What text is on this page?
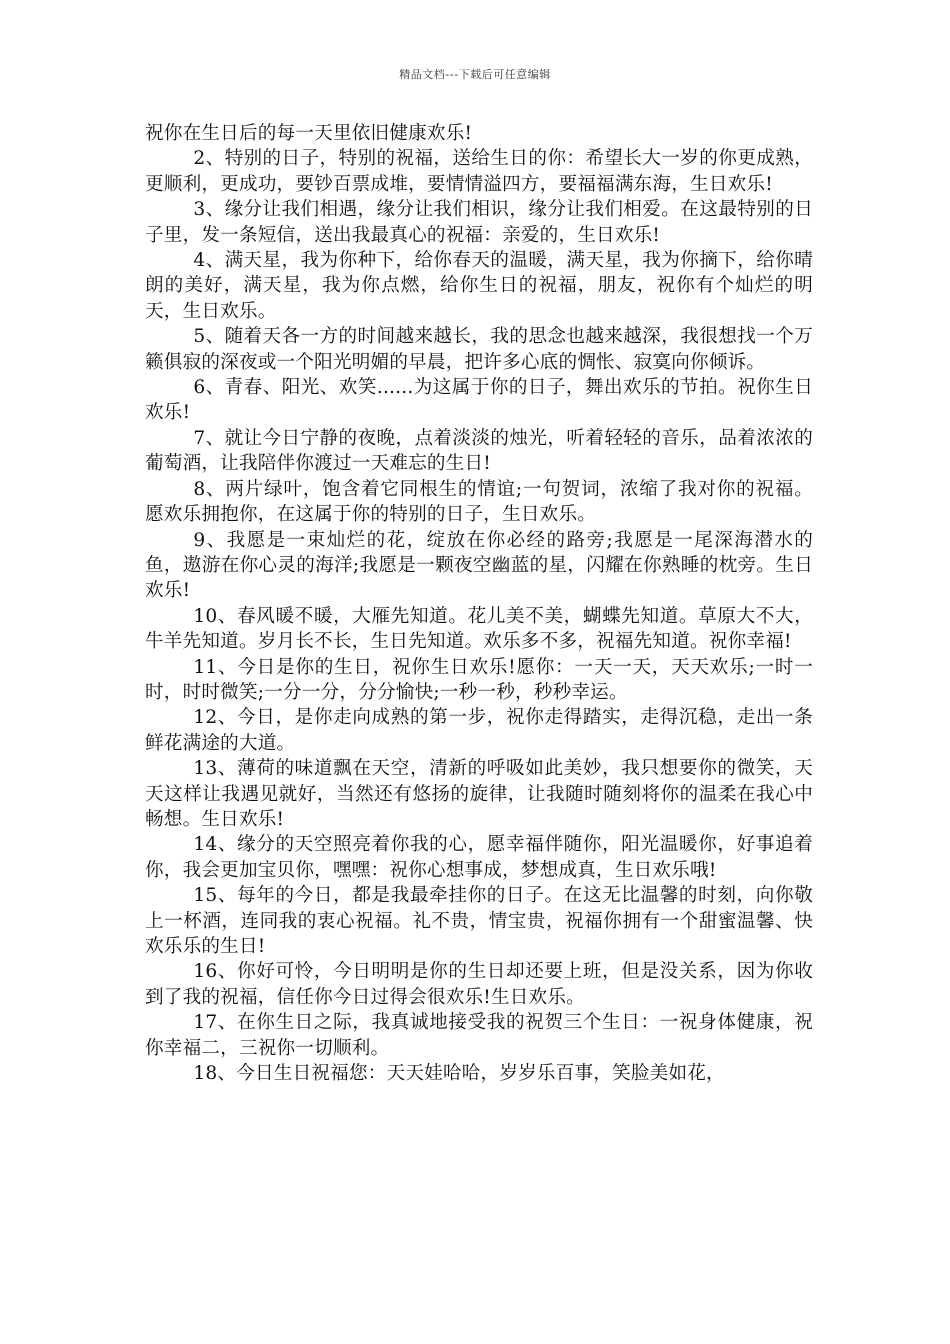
精品文档---下载后可任意编辑

祝你在生日后的每一天里依旧健康欢乐!

2、特别的日子，特别的祝福，送给生日的你：希望长大一岁的你更成熟，更顺利，更成功，要钞百票成堆，要情情溢四方，要福福满东海，生日欢乐!

3、缘分让我们相遇，缘分让我们相识，缘分让我们相爱。在这最特别的日子里，发一条短信，送出我最真心的祝福：亲爱的，生日欢乐!

4、满天星，我为你种下，给你春天的温暖，满天星，我为你摘下，给你晴朗的美好，满天星，我为你点燃，给你生日的祝福，朋友，祝你有个灿烂的明天，生日欢乐。

5、随着天各一方的时间越来越长，我的思念也越来越深，我很想找一个万籁俱寂的深夜或一个阳光明媚的早晨，把许多心底的惆怅、寂寞向你倾诉。

6、青春、阳光、欢笑......为这属于你的日子，舞出欢乐的节拍。祝你生日欢乐!

7、就让今日宁静的夜晚，点着淡淡的烛光，听着轻轻的音乐，品着浓浓的葡萄酒，让我陪伴你渡过一天难忘的生日!

8、两片绿叶，饱含着它同根生的情谊;一句贺词，浓缩了我对你的祝福。愿欢乐拥抱你，在这属于你的特别的日子，生日欢乐。

9、我愿是一束灿烂的花，绽放在你必经的路旁;我愿是一尾深海潜水的鱼，遨游在你心灵的海洋;我愿是一颗夜空幽蓝的星，闪耀在你熟睡的枕旁。生日欢乐!

10、春风暖不暖，大雁先知道。花儿美不美，蝴蝶先知道。草原大不大，牛羊先知道。岁月长不长，生日先知道。欢乐多不多，祝福先知道。祝你幸福!

11、今日是你的生日，祝你生日欢乐!愿你：一天一天，天天欢乐;一时一时，时时微笑;一分一分，分分愉快;一秒一秒，秒秒幸运。

12、今日，是你走向成熟的第一步，祝你走得踏实，走得沉稳，走出一条鲜花满途的大道。

13、薄荷的味道飘在天空，清新的呼吸如此美妙，我只想要你的微笑，天天这样让我遇见就好，当然还有悠扬的旋律，让我随时随刻将你的温柔在我心中畅想。生日欢乐!

14、缘分的天空照亮着你我的心，愿幸福伴随你，阳光温暖你，好事追着你，我会更加宝贝你，嘿嘿：祝你心想事成，梦想成真，生日欢乐哦!

15、每年的今日，都是我最牵挂你的日子。在这无比温馨的时刻，向你敬上一杯酒，连同我的衷心祝福。礼不贵，情宝贵，祝福你拥有一个甜蜜温馨、快欢乐乐的生日!

16、你好可怜，今日明明是你的生日却还要上班，但是没关系，因为你收到了我的祝福，信任你今日过得会很欢乐!生日欢乐。

17、在你生日之际，我真诚地接受我的祝贺三个生日：一祝身体健康，祝你幸福二，三祝你一切顺利。

18、今日生日祝福您：天天娃哈哈，岁岁乐百事，笑脸美如花，
